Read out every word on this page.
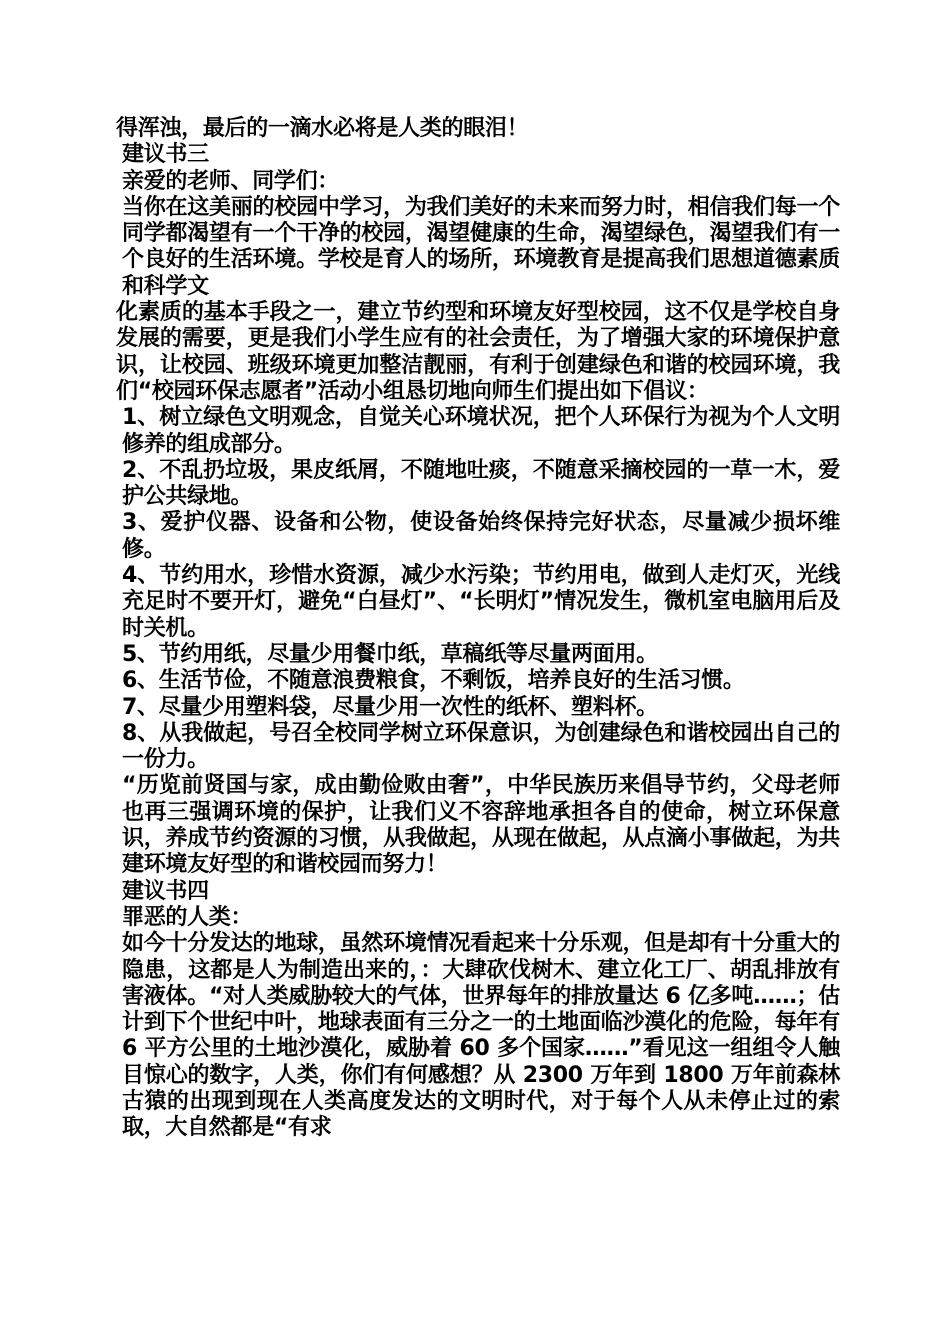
得浑浊，最后的一滴水必将是人类的眼泪！

建议书三

亲爱的老师、同学们：

当你在这美丽的校园中学习，为我们美好的未来而努力时，相信我们每一个同学都渴望有一个干净的校园，渴望健康的生命，渴望绿色，渴望我们有一个良好的生活环境。学校是育人的场所，环境教育是提高我们思想道德素质和科学文

化素质的基本手段之一，建立节约型和环境友好型校园，这不仅是学校自身发展的需要，更是我们小学生应有的社会责任，为了增强大家的环境保护意识，让校园、班级环境更加整洁靓丽，有利于创建绿色和谐的校园环境，我们“校园环保志愿者”活动小组恳切地向师生们提出如下倡议：

1、树立绿色文明观念，自觉关心环境状况，把个人环保行为视为个人文明修养的组成部分。

2、不乱扔垃圾，果皮纸屑，不随地吐痰，不随意采摘校园的一草一木，爱护公共绿地。

3、爱护仪器、设备和公物，使设备始终保持完好状态，尽量减少损坏维修。

4、节约用水，珍惜水资源，减少水污染；节约用电，做到人走灯灭，光线充足时不要开灯，避免“白昼灯”、“长明灯”情况发生，微机室电脑用后及时关机。

5、节约用纸，尽量少用餐巾纸，草稿纸等尽量两面用。

6、生活节俭，不随意浪费粮食，不剩饭，培养良好的生活习惯。

7、尽量少用塑料袋，尽量少用一次性的纸杯、塑料杯。

8、从我做起，号召全校同学树立环保意识，为创建绿色和谐校园出自己的一份力。

“历览前贤国与家，成由勤俭败由奢”，中华民族历来倡导节约，父母老师也再三强调环境的保护，让我们义不容辞地承担各自的使命，树立环保意识，养成节约资源的习惯，从我做起，从现在做起，从点滴小事做起，为共建环境友好型的和谐校园而努力！

建议书四

罪恶的人类：

如今十分发达的地球，虽然环境情况看起来十分乐观，但是却有十分重大的隐患，这都是人为制造出来的，：大肆砍伐树木、建立化工厂、胡乱排放有害液体。“对人类威胁较大的气体，世界每年的排放量达 6 亿多吨……；估计到下个世纪中叶，地球表面有三分之一的土地面临沙漠化的危险，每年有 6 平方公里的土地沙漠化，威胁着 60 多个国家……”看见这一组组令人触目惊心的数字，人类，你们有何感想？从 2300 万年到 1800 万年前森林古猿的出现到现在人类高度发达的文明时代，对于每个人从未停止过的索取，大自然都是“有求
